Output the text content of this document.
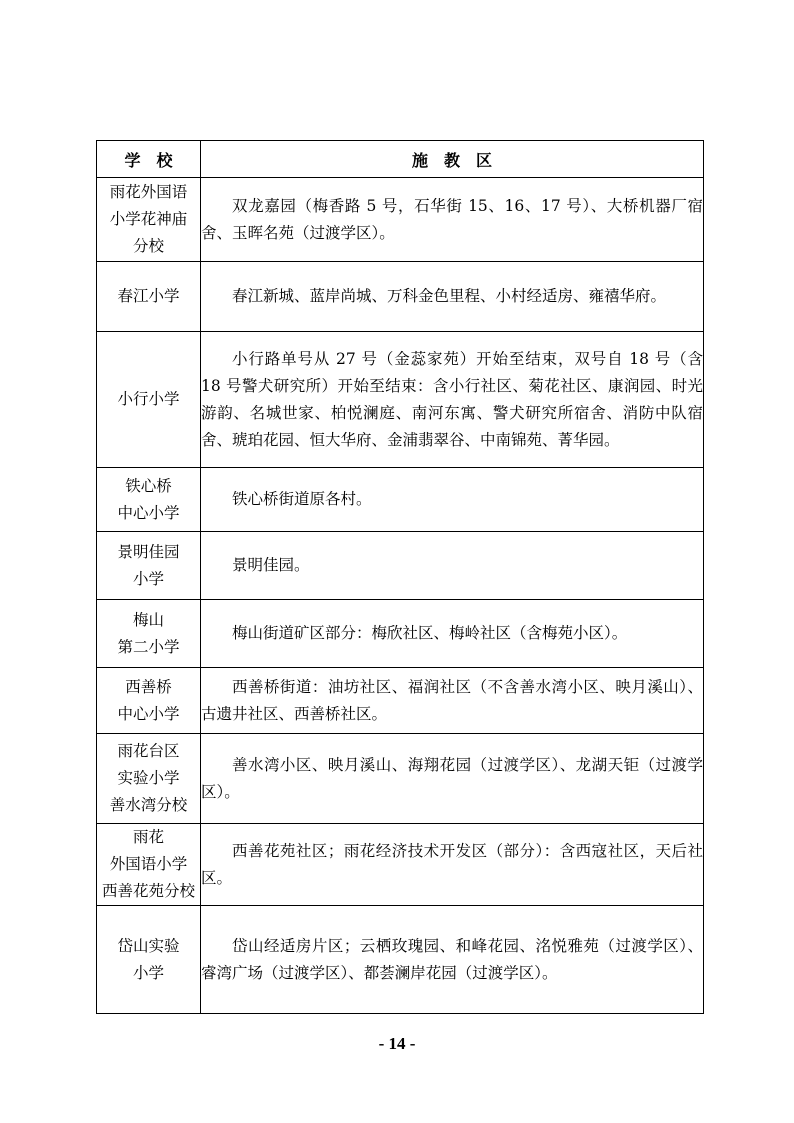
学　校	施　教　区

雨花外国语
小学花神庙
分校	双龙嘉园（梅香路 5 号，石华街 15、16、17 号）、大桥机器厂宿舍、玉晖名苑（过渡学区）。

春江小学	春江新城、蓝岸尚城、万科金色里程、小村经适房、雍禧华府。

小行小学	小行路单号从 27 号（金蕊家苑）开始至结束，双号自 18 号（含 18 号警犬研究所）开始至结束：含小行社区、菊花社区、康润园、时光游韵、名城世家、柏悦澜庭、南河东寓、警犬研究所宿舍、消防中队宿舍、琥珀花园、恒大华府、金浦翡翠谷、中南锦苑、菁华园。

铁心桥
中心小学	铁心桥街道原各村。

景明佳园
小学	景明佳园。

梅山
第二小学	梅山街道矿区部分：梅欣社区、梅岭社区（含梅苑小区）。

西善桥
中心小学	西善桥街道：油坊社区、福润社区（不含善水湾小区、映月溪山）、古遗井社区、西善桥社区。

雨花台区
实验小学
善水湾分校	善水湾小区、映月溪山、海翔花园（过渡学区）、龙湖天钜（过渡学区）。

雨花
外国语小学
西善花苑分校	西善花苑社区；雨花经济技术开发区（部分）：含西寇社区，天后社区。

岱山实验
小学	岱山经适房片区；云栖玫瑰园、和峰花园、洺悦雅苑（过渡学区）、睿湾广场（过渡学区）、都荟澜岸花园（过渡学区）。
- 14 -
